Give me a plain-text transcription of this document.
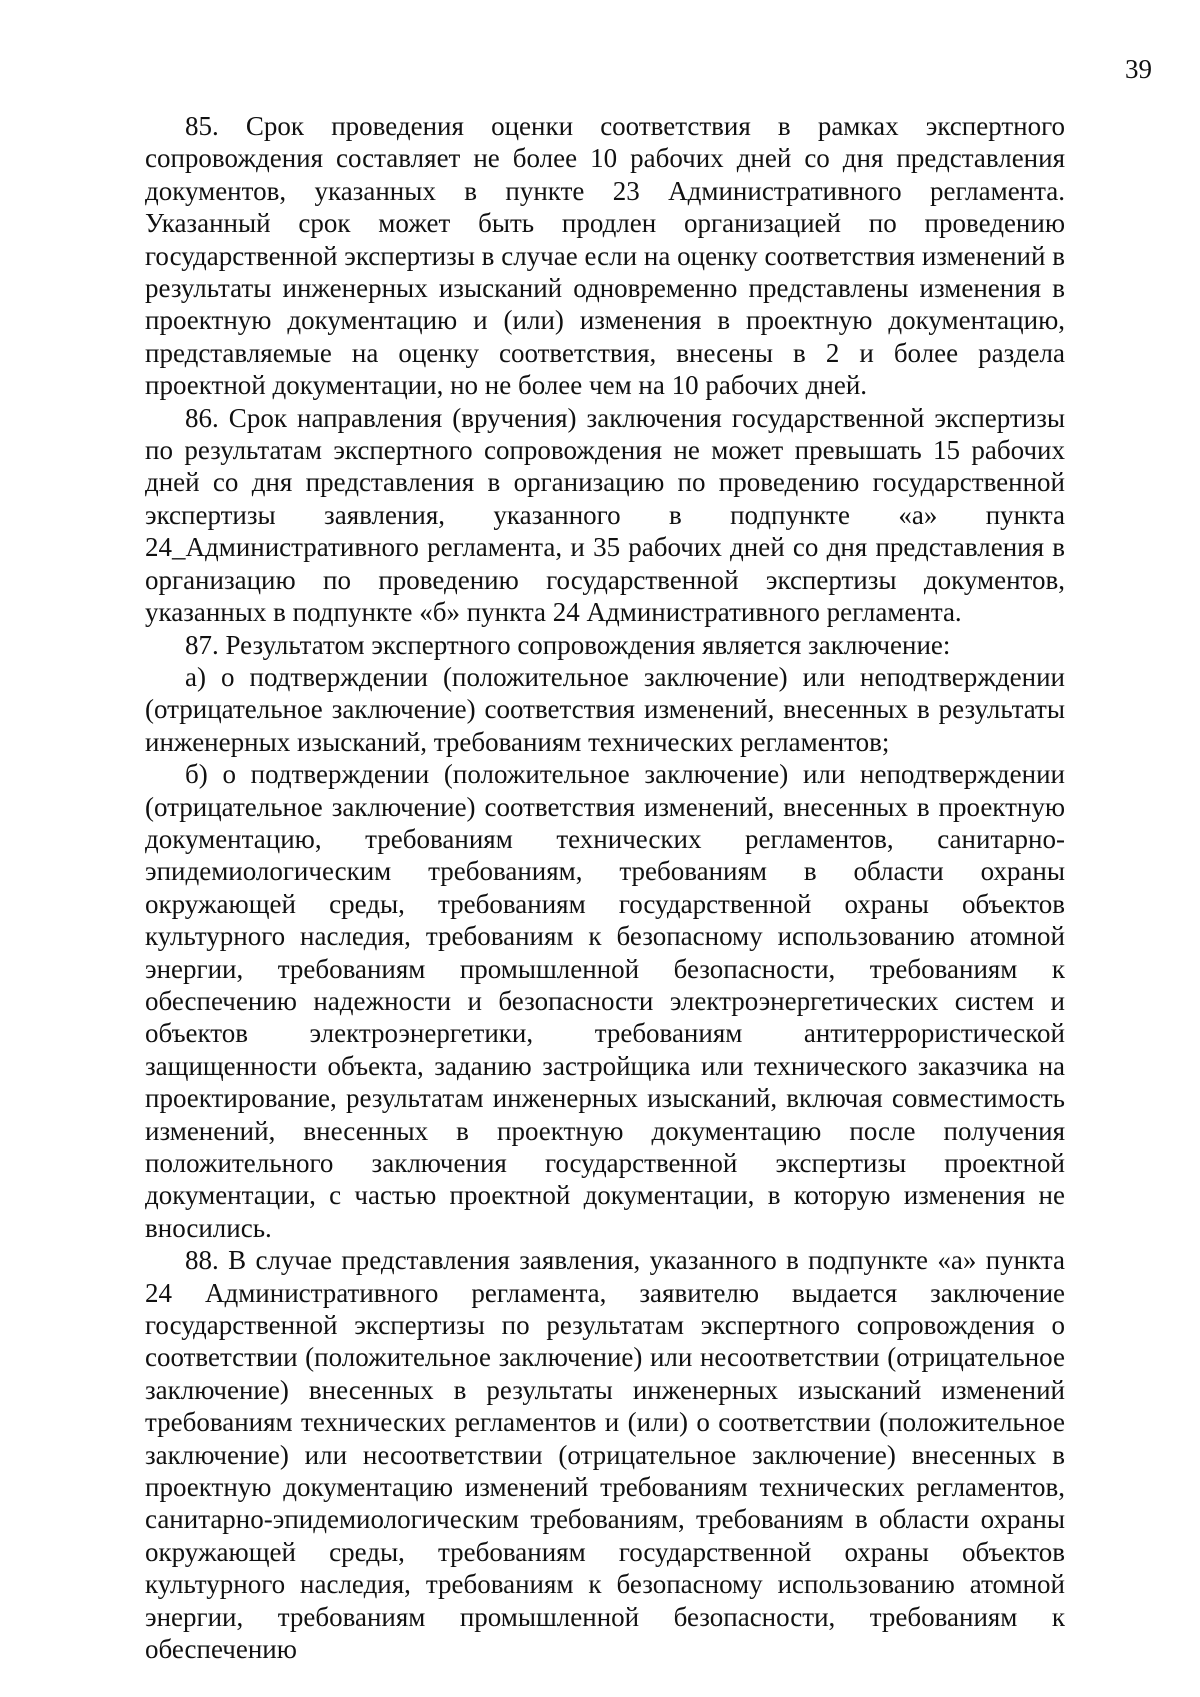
39

85. Срок проведения оценки соответствия в рамках экспертного сопровождения составляет не более 10 рабочих дней со дня представления документов, указанных в пункте 23 Административного регламента. Указанный срок может быть продлен организацией по проведению государственной экспертизы в случае если на оценку соответствия изменений в результаты инженерных изысканий одновременно представлены изменения в проектную документацию и (или) изменения в проектную документацию, представляемые на оценку соответствия, внесены в 2 и более раздела проектной документации, но не более чем на 10 рабочих дней.

86. Срок направления (вручения) заключения государственной экспертизы по результатам экспертного сопровождения не может превышать 15 рабочих дней со дня представления в организацию по проведению государственной экспертизы заявления, указанного в подпункте «а» пункта 24_Административного регламента, и 35 рабочих дней со дня представления в организацию по проведению государственной экспертизы документов, указанных в подпункте «б» пункта 24 Административного регламента.

87. Результатом экспертного сопровождения является заключение:

а) о подтверждении (положительное заключение) или неподтверждении (отрицательное заключение) соответствия изменений, внесенных в результаты инженерных изысканий, требованиям технических регламентов;

б) о подтверждении (положительное заключение) или неподтверждении (отрицательное заключение) соответствия изменений, внесенных в проектную документацию, требованиям технических регламентов, санитарно-эпидемиологическим требованиям, требованиям в области охраны окружающей среды, требованиям государственной охраны объектов культурного наследия, требованиям к безопасному использованию атомной энергии, требованиям промышленной безопасности, требованиям к обеспечению надежности и безопасности электроэнергетических систем и объектов электроэнергетики, требованиям антитеррористической защищенности объекта, заданию застройщика или технического заказчика на проектирование, результатам инженерных изысканий, включая совместимость изменений, внесенных в проектную документацию после получения положительного заключения государственной экспертизы проектной документации, с частью проектной документации, в которую изменения не вносились.

88. В случае представления заявления, указанного в подпункте «а» пункта 24 Административного регламента, заявителю выдается заключение государственной экспертизы по результатам экспертного сопровождения о соответствии (положительное заключение) или несоответствии (отрицательное заключение) внесенных в результаты инженерных изысканий изменений требованиям технических регламентов и (или) о соответствии (положительное заключение) или несоответствии (отрицательное заключение) внесенных в проектную документацию изменений требованиям технических регламентов, санитарно-эпидемиологическим требованиям, требованиям в области охраны окружающей среды, требованиям государственной охраны объектов культурного наследия, требованиям к безопасному использованию атомной энергии, требованиям промышленной безопасности, требованиям к обеспечению
